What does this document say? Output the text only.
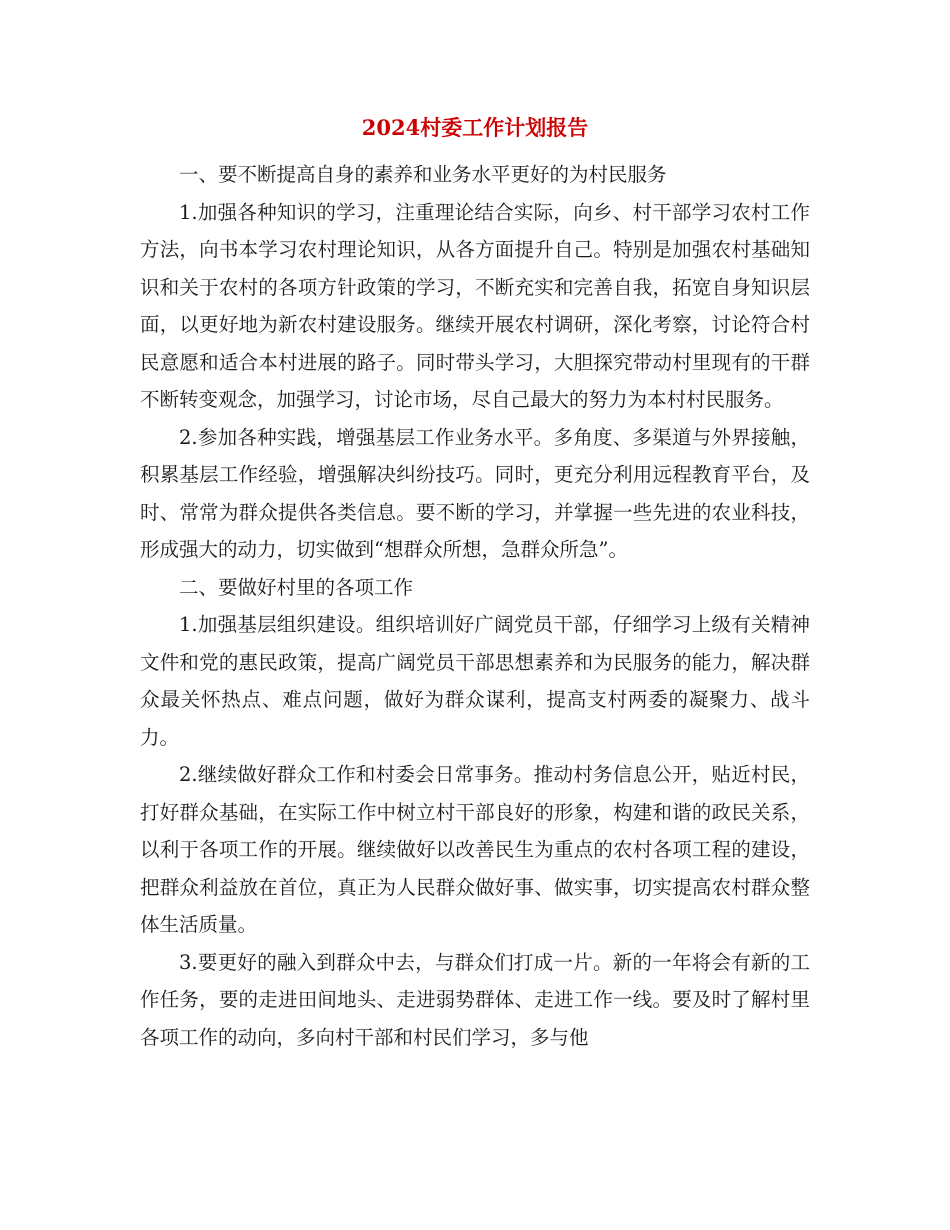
2024村委工作计划报告

一、要不断提高自身的素养和业务水平更好的为村民服务

1.加强各种知识的学习，注重理论结合实际，向乡、村干部学习农村工作方法，向书本学习农村理论知识，从各方面提升自己。特别是加强农村基础知识和关于农村的各项方针政策的学习，不断充实和完善自我，拓宽自身知识层面，以更好地为新农村建设服务。继续开展农村调研，深化考察，讨论符合村民意愿和适合本村进展的路子。同时带头学习，大胆探究带动村里现有的干群不断转变观念，加强学习，讨论市场，尽自己最大的努力为本村村民服务。

2.参加各种实践，增强基层工作业务水平。多角度、多渠道与外界接触，积累基层工作经验，增强解决纠纷技巧。同时，更充分利用远程教育平台，及时、常常为群众提供各类信息。要不断的学习，并掌握一些先进的农业科技，形成强大的动力，切实做到“想群众所想，急群众所急”。

二、要做好村里的各项工作

1.加强基层组织建设。组织培训好广阔党员干部，仔细学习上级有关精神文件和党的惠民政策，提高广阔党员干部思想素养和为民服务的能力，解决群众最关怀热点、难点问题，做好为群众谋利，提高支村两委的凝聚力、战斗力。

2.继续做好群众工作和村委会日常事务。推动村务信息公开，贴近村民，打好群众基础，在实际工作中树立村干部良好的形象，构建和谐的政民关系，以利于各项工作的开展。继续做好以改善民生为重点的农村各项工程的建设，把群众利益放在首位，真正为人民群众做好事、做实事，切实提高农村群众整体生活质量。

3.要更好的融入到群众中去，与群众们打成一片。新的一年将会有新的工作任务，要的走进田间地头、走进弱势群体、走进工作一线。要及时了解村里各项工作的动向，多向村干部和村民们学习，多与他
